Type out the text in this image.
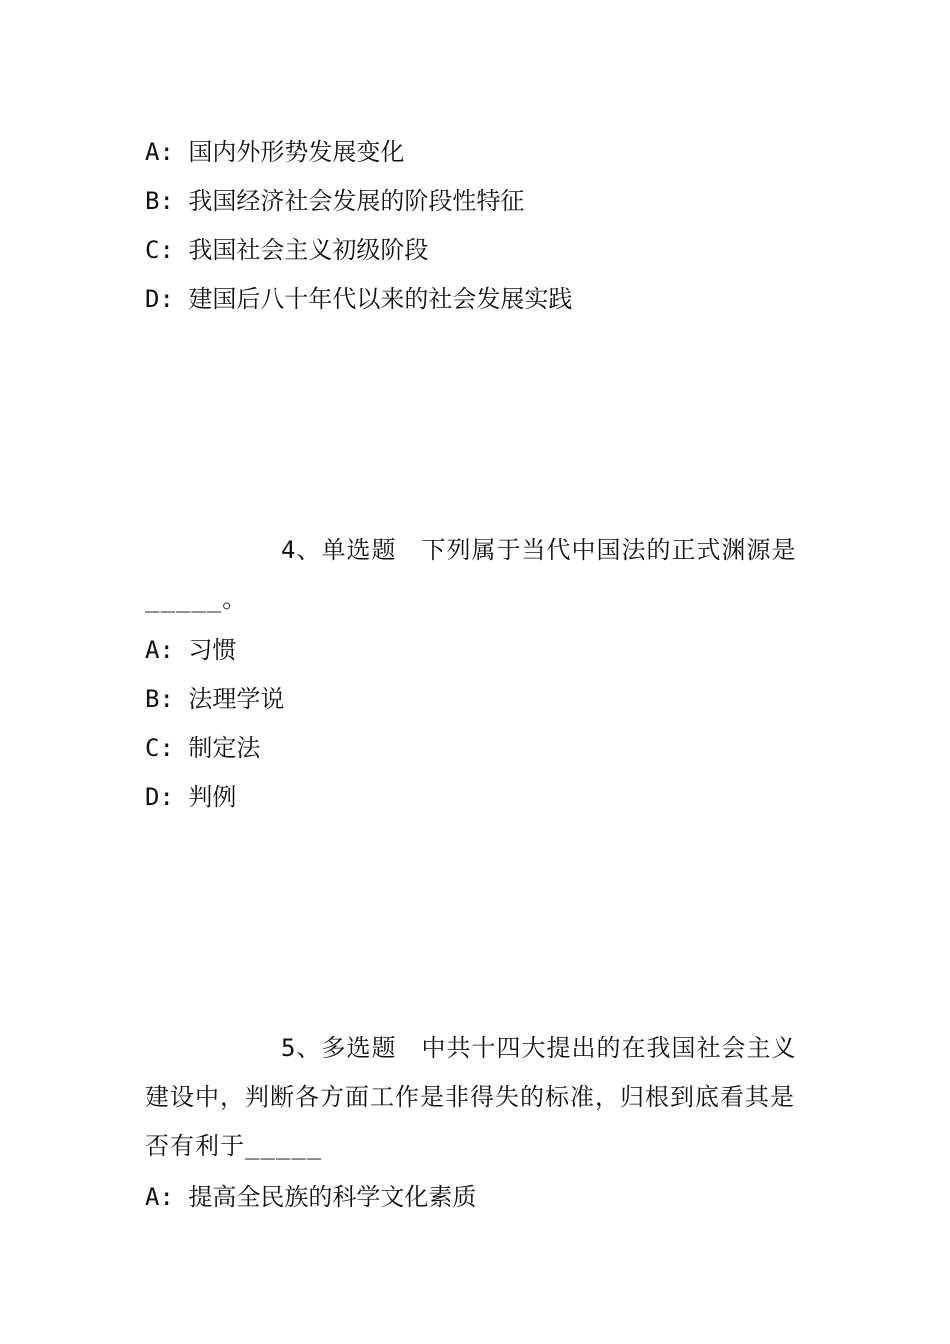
A: 国内外形势发展变化
B: 我国经济社会发展的阶段性特征
C: 我国社会主义初级阶段
D: 建国后八十年代以来的社会发展实践
4、单选题　下列属于当代中国法的正式渊源是_____。
A: 习惯
B: 法理学说
C: 制定法
D: 判例
5、多选题　中共十四大提出的在我国社会主义建设中，判断各方面工作是非得失的标准，归根到底看其是否有利于_____
A: 提高全民族的科学文化素质
